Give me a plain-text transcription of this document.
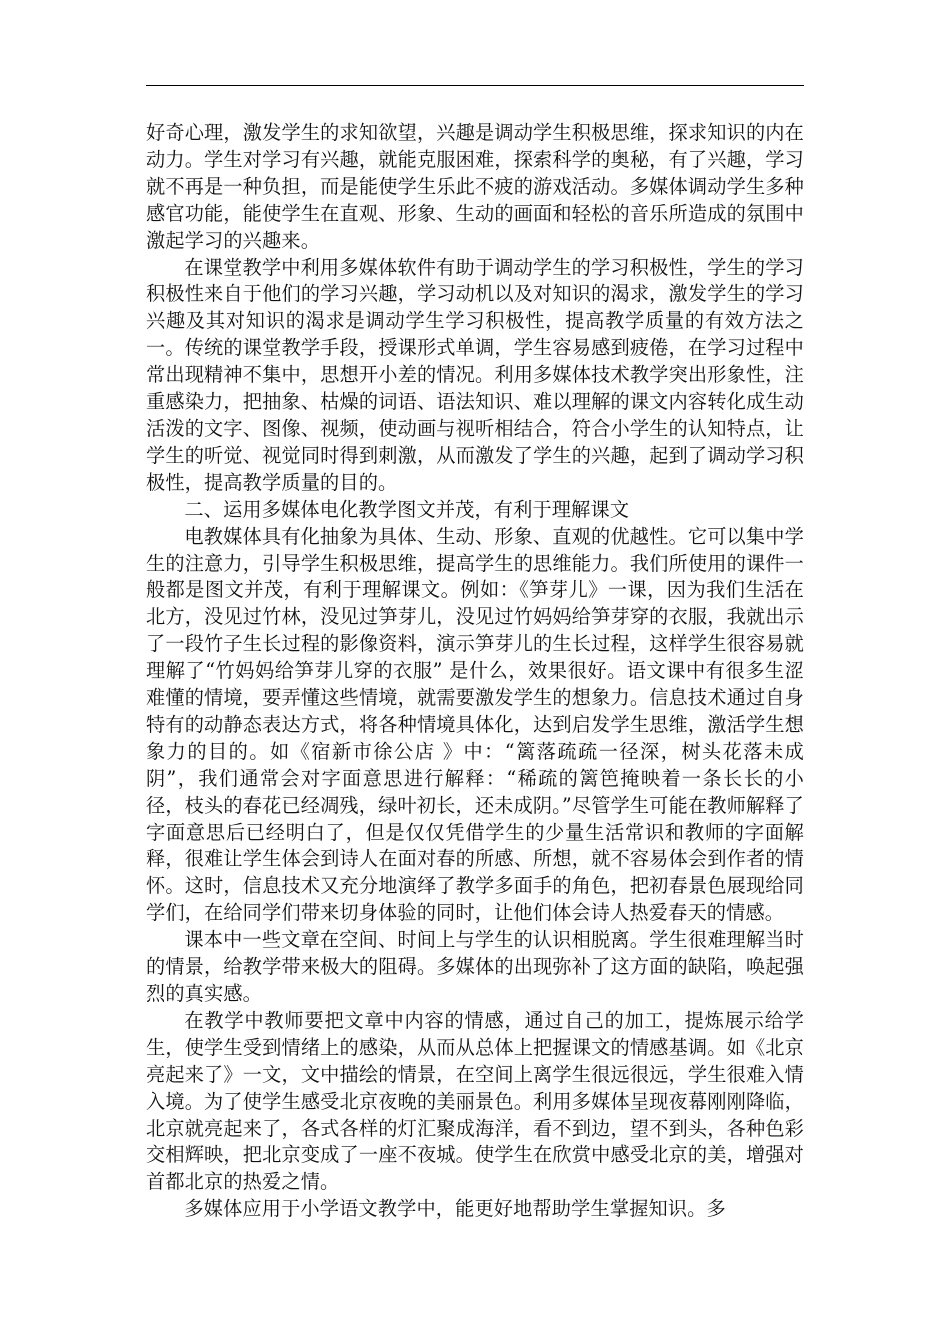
好奇心理，激发学生的求知欲望，兴趣是调动学生积极思维，探求知识的内在动力。学生对学习有兴趣，就能克服困难，探索科学的奥秘，有了兴趣，学习就不再是一种负担，而是能使学生乐此不疲的游戏活动。多媒体调动学生多种感官功能，能使学生在直观、形象、生动的画面和轻松的音乐所造成的氛围中激起学习的兴趣来。

在课堂教学中利用多媒体软件有助于调动学生的学习积极性，学生的学习积极性来自于他们的学习兴趣，学习动机以及对知识的渴求，激发学生的学习兴趣及其对知识的渴求是调动学生学习积极性，提高教学质量的有效方法之一。传统的课堂教学手段，授课形式单调，学生容易感到疲倦，在学习过程中常出现精神不集中，思想开小差的情况。利用多媒体技术教学突出形象性，注重感染力，把抽象、枯燥的词语、语法知识、难以理解的课文内容转化成生动活泼的文字、图像、视频，使动画与视听相结合，符合小学生的认知特点，让学生的听觉、视觉同时得到刺激，从而激发了学生的兴趣，起到了调动学习积极性，提高教学质量的目的。

二、运用多媒体电化教学图文并茂，有利于理解课文

电教媒体具有化抽象为具体、生动、形象、直观的优越性。它可以集中学生的注意力，引导学生积极思维，提高学生的思维能力。我们所使用的课件一般都是图文并茂，有利于理解课文。例如：《笋芽儿》一课，因为我们生活在北方，没见过竹林，没见过笋芽儿，没见过竹妈妈给笋芽穿的衣服，我就出示了一段竹子生长过程的影像资料，演示笋芽儿的生长过程，这样学生很容易就理解了“竹妈妈给笋芽儿穿的衣服” 是什么，效果很好。语文课中有很多生涩难懂的情境，要弄懂这些情境，就需要激发学生的想象力。信息技术通过自身特有的动静态表达方式，将各种情境具体化，达到启发学生思维，激活学生想象力的目的。如《宿新市徐公店 》中：“篱落疏疏一径深，树头花落未成阴”，我们通常会对字面意思进行解释：“稀疏的篱笆掩映着一条长长的小径，枝头的春花已经凋残，绿叶初长，还未成阴。”尽管学生可能在教师解释了字面意思后已经明白了，但是仅仅凭借学生的少量生活常识和教师的字面解释，很难让学生体会到诗人在面对春的所感、所想，就不容易体会到作者的情怀。这时，信息技术又充分地演绎了教学多面手的角色，把初春景色展现给同学们，在给同学们带来切身体验的同时，让他们体会诗人热爱春天的情感。

课本中一些文章在空间、时间上与学生的认识相脱离。学生很难理解当时的情景，给教学带来极大的阻碍。多媒体的出现弥补了这方面的缺陷，唤起强烈的真实感。

在教学中教师要把文章中内容的情感，通过自己的加工，提炼展示给学生，使学生受到情绪上的感染，从而从总体上把握课文的情感基调。如《北京亮起来了》一文，文中描绘的情景，在空间上离学生很远很远，学生很难入情入境。为了使学生感受北京夜晚的美丽景色。利用多媒体呈现夜幕刚刚降临，北京就亮起来了，各式各样的灯汇聚成海洋，看不到边，望不到头，各种色彩交相辉映，把北京变成了一座不夜城。使学生在欣赏中感受北京的美，增强对首都北京的热爱之情。

多媒体应用于小学语文教学中，能更好地帮助学生掌握知识。多
